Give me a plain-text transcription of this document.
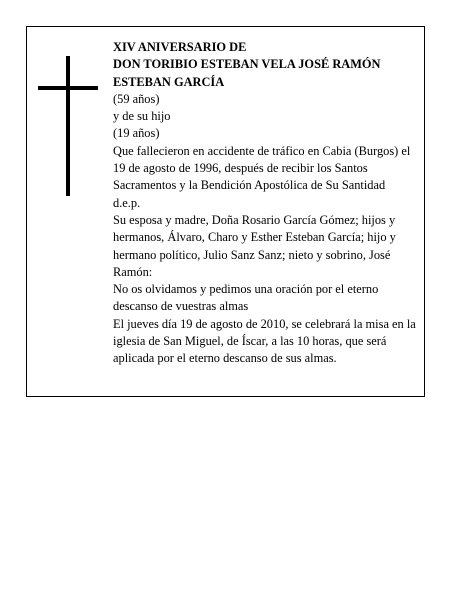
XIV ANIVERSARIO DE
DON TORIBIO ESTEBAN VELA JOSÉ RAMÓN ESTEBAN GARCÍA
(59 años)
y de su hijo
(19 años)
Que fallecieron en accidente de tráfico en Cabia (Burgos) el 19 de agosto de 1996, después de recibir los Santos Sacramentos y la Bendición Apostólica de Su Santidad
d.e.p.
Su esposa y madre, Doña Rosario García Gómez; hijos y hermanos, Álvaro, Charo y Esther Esteban García; hijo y hermano político, Julio Sanz Sanz; nieto y sobrino, José Ramón:
No os olvidamos y pedimos una oración por el eterno descanso de vuestras almas
El jueves día 19 de agosto de 2010, se celebrará la misa en la iglesia de San Miguel, de Íscar, a las 10 horas, que será aplicada por el eterno descanso de sus almas.
